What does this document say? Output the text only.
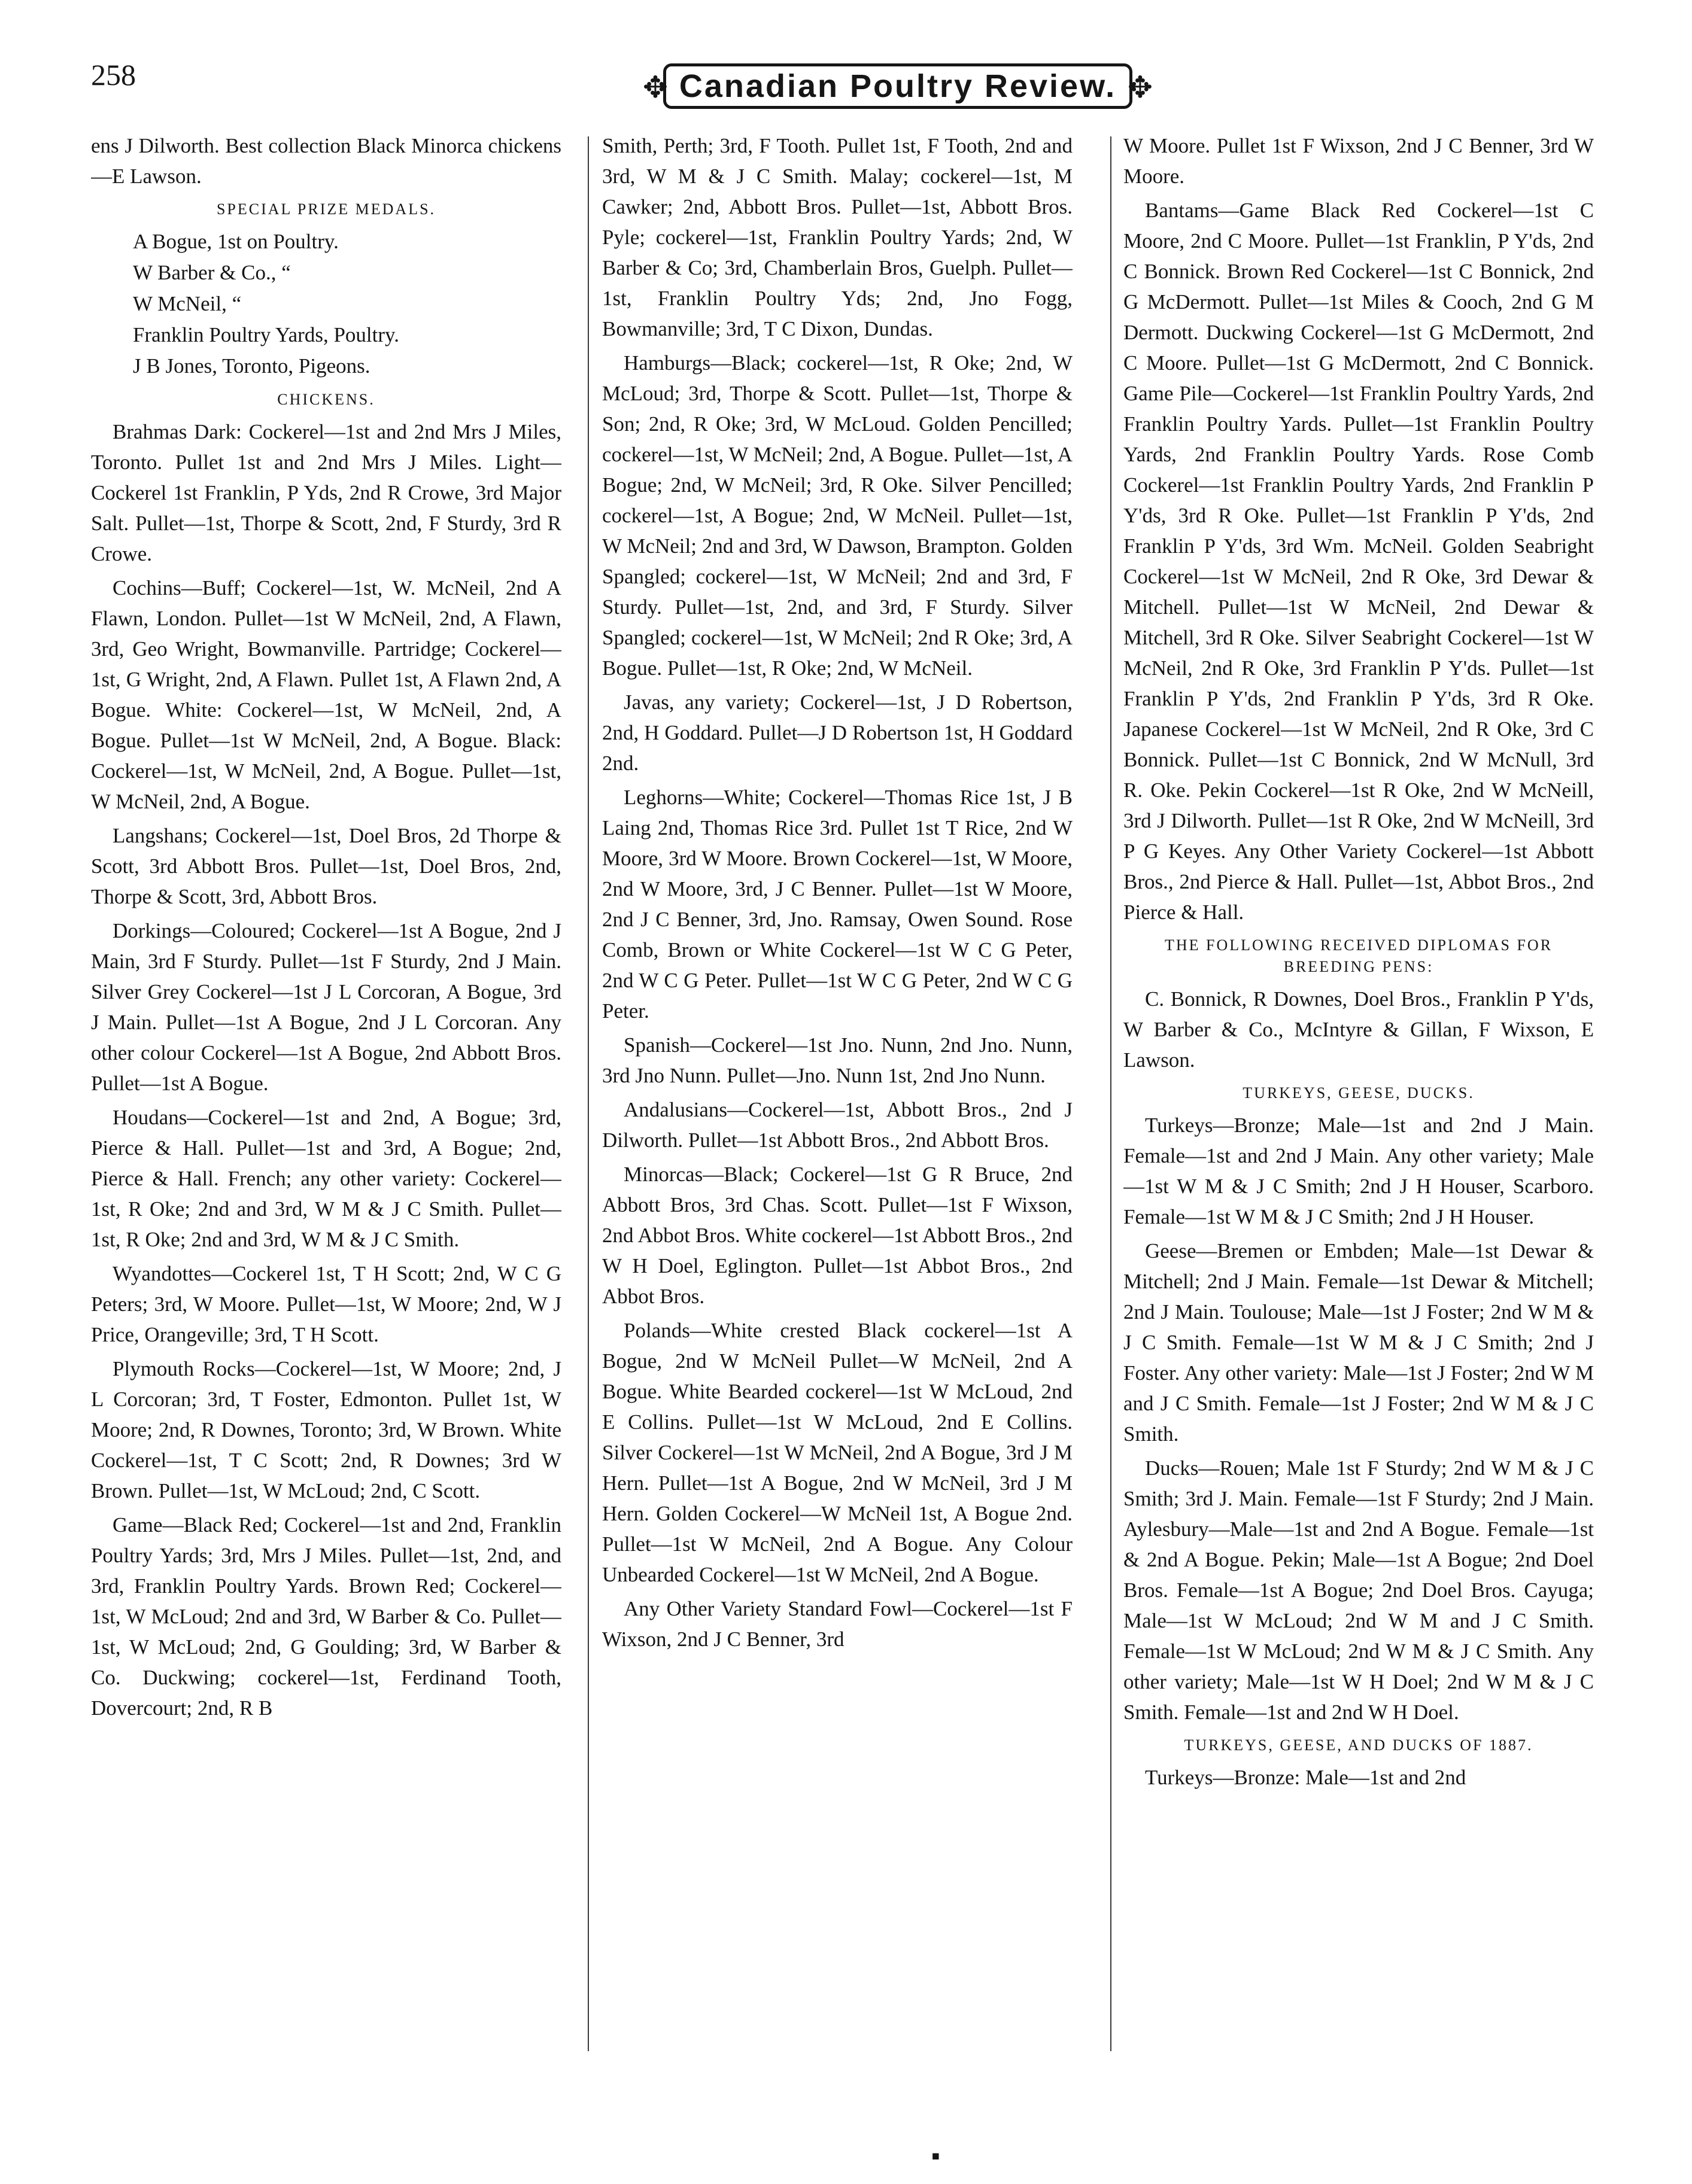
258	✥ Canadian Poultry Review. ✥
ens J Dilworth. Best collection Black Minorca chickens—E Lawson.
SPECIAL PRIZE MEDALS.
A Bogue, 1st on Poultry.
W Barber & Co., “
W McNeil, “
Franklin Poultry Yards, Poultry.
J B Jones, Toronto, Pigeons.
CHICKENS.
Brahmas Dark: Cockerel—1st and 2nd Mrs J Miles, Toronto. Pullet 1st and 2nd Mrs J Miles. Light—Cockerel 1st Franklin, P Yds, 2nd R Crowe, 3rd Major Salt. Pullet—1st, Thorpe & Scott, 2nd, F Sturdy, 3rd R Crowe.
Cochins—Buff; Cockerel—1st, W. McNeil, 2nd A Flawn, London. Pullet—1st W McNeil, 2nd, A Flawn, 3rd, Geo Wright, Bowmanville. Partridge; Cockerel—1st, G Wright, 2nd, A Flawn. Pullet 1st, A Flawn 2nd, A Bogue. White: Cockerel—1st, W McNeil, 2nd, A Bogue. Pullet—1st W McNeil, 2nd, A Bogue. Black: Cockerel—1st, W McNeil, 2nd, A Bogue. Pullet—1st, W McNeil, 2nd, A Bogue.
Langshans; Cockerel—1st, Doel Bros, 2d Thorpe & Scott, 3rd Abbott Bros. Pullet—1st, Doel Bros, 2nd, Thorpe & Scott, 3rd, Abbott Bros.
Dorkings—Coloured; Cockerel—1st A Bogue, 2nd J Main, 3rd F Sturdy. Pullet—1st F Sturdy, 2nd J Main. Silver Grey Cockerel—1st J L Corcoran, A Bogue, 3rd J Main. Pullet—1st A Bogue, 2nd J L Corcoran. Any other colour Cockerel—1st A Bogue, 2nd Abbott Bros. Pullet—1st A Bogue.
Houdans—Cockerel—1st and 2nd, A Bogue; 3rd, Pierce & Hall. Pullet—1st and 3rd, A Bogue; 2nd, Pierce & Hall. French; any other variety: Cockerel—1st, R Oke; 2nd and 3rd, W M & J C Smith. Pullet—1st, R Oke; 2nd and 3rd, W M & J C Smith.
Wyandottes—Cockerel 1st, T H Scott; 2nd, W C G Peters; 3rd, W Moore. Pullet—1st, W Moore; 2nd, W J Price, Orangeville; 3rd, T H Scott.
Plymouth Rocks—Cockerel—1st, W Moore; 2nd, J L Corcoran; 3rd, T Foster, Edmonton. Pullet 1st, W Moore; 2nd, R Downes, Toronto; 3rd, W Brown. White Cockerel—1st, T C Scott; 2nd, R Downes; 3rd W Brown. Pullet—1st, W McLoud; 2nd, C Scott.
Game—Black Red; Cockerel—1st and 2nd, Franklin Poultry Yards; 3rd, Mrs J Miles. Pullet—1st, 2nd, and 3rd, Franklin Poultry Yards. Brown Red; Cockerel—1st, W McLoud; 2nd and 3rd, W Barber & Co. Pullet—1st, W McLoud; 2nd, G Goulding; 3rd, W Barber & Co. Duckwing; cockerel—1st, Ferdinand Tooth, Dovercourt; 2nd, R B
Smith, Perth; 3rd, F Tooth. Pullet 1st, F Tooth, 2nd and 3rd, W M & J C Smith. Malay; cockerel—1st, M Cawker; 2nd, Abbott Bros. Pullet—1st, Abbott Bros. Pyle; cockerel—1st, Franklin Poultry Yards; 2nd, W Barber & Co; 3rd, Chamberlain Bros, Guelph. Pullet—1st, Franklin Poultry Yds; 2nd, Jno Fogg, Bowmanville; 3rd, T C Dixon, Dundas.
Hamburgs—Black; cockerel—1st, R Oke; 2nd, W McLoud; 3rd, Thorpe & Scott. Pullet—1st, Thorpe & Son; 2nd, R Oke; 3rd, W McLoud. Golden Pencilled; cockerel—1st, W McNeil; 2nd, A Bogue. Pullet—1st, A Bogue; 2nd, W McNeil; 3rd, R Oke. Silver Pencilled; cockerel—1st, A Bogue; 2nd, W McNeil. Pullet—1st, W McNeil; 2nd and 3rd, W Dawson, Brampton. Golden Spangled; cockerel—1st, W McNeil; 2nd and 3rd, F Sturdy. Pullet—1st, 2nd, and 3rd, F Sturdy. Silver Spangled; cockerel—1st, W McNeil; 2nd R Oke; 3rd, A Bogue. Pullet—1st, R Oke; 2nd, W McNeil.
Javas, any variety; Cockerel—1st, J D Robertson, 2nd, H Goddard. Pullet—J D Robertson 1st, H Goddard 2nd.
Leghorns—White; Cockerel—Thomas Rice 1st, J B Laing 2nd, Thomas Rice 3rd. Pullet 1st T Rice, 2nd W Moore, 3rd W Moore. Brown Cockerel—1st, W Moore, 2nd W Moore, 3rd, J C Benner. Pullet—1st W Moore, 2nd J C Benner, 3rd, Jno. Ramsay, Owen Sound. Rose Comb, Brown or White Cockerel—1st W C G Peter, 2nd W C G Peter. Pullet—1st W C G Peter, 2nd W C G Peter.
Spanish—Cockerel—1st Jno. Nunn, 2nd Jno. Nunn, 3rd Jno Nunn. Pullet—Jno. Nunn 1st, 2nd Jno Nunn.
Andalusians—Cockerel—1st, Abbott Bros., 2nd J Dilworth. Pullet—1st Abbott Bros., 2nd Abbott Bros.
Minorcas—Black; Cockerel—1st G R Bruce, 2nd Abbott Bros, 3rd Chas. Scott. Pullet—1st F Wixson, 2nd Abbot Bros. White cockerel—1st Abbott Bros., 2nd W H Doel, Eglington. Pullet—1st Abbot Bros., 2nd Abbot Bros.
Polands—White crested Black cockerel—1st A Bogue, 2nd W McNeil Pullet—W McNeil, 2nd A Bogue. White Bearded cockerel—1st W McLoud, 2nd E Collins. Pullet—1st W McLoud, 2nd E Collins. Silver Cockerel—1st W McNeil, 2nd A Bogue, 3rd J M Hern. Pullet—1st A Bogue, 2nd W McNeil, 3rd J M Hern. Golden Cockerel—W McNeil 1st, A Bogue 2nd. Pullet—1st W McNeil, 2nd A Bogue. Any Colour Unbearded Cockerel—1st W McNeil, 2nd A Bogue.
Any Other Variety Standard Fowl—Cockerel—1st F Wixson, 2nd J C Benner, 3rd
W Moore. Pullet 1st F Wixson, 2nd J C Benner, 3rd W Moore.
Bantams—Game Black Red Cockerel—1st C Moore, 2nd C Moore. Pullet—1st Franklin, P Y'ds, 2nd C Bonnick. Brown Red Cockerel—1st C Bonnick, 2nd G McDermott. Pullet—1st Miles & Cooch, 2nd G M Dermott. Duckwing Cockerel—1st G McDermott, 2nd C Moore. Pullet—1st G McDermott, 2nd C Bonnick. Game Pile—Cockerel—1st Franklin Poultry Yards, 2nd Franklin Poultry Yards. Pullet—1st Franklin Poultry Yards, 2nd Franklin Poultry Yards. Rose Comb Cockerel—1st Franklin Poultry Yards, 2nd Franklin P Y'ds, 3rd R Oke. Pullet—1st Franklin P Y'ds, 2nd Franklin P Y'ds, 3rd Wm. McNeil. Golden Seabright Cockerel—1st W McNeil, 2nd R Oke, 3rd Dewar & Mitchell. Pullet—1st W McNeil, 2nd Dewar & Mitchell, 3rd R Oke. Silver Seabright Cockerel—1st W McNeil, 2nd R Oke, 3rd Franklin P Y'ds. Pullet—1st Franklin P Y'ds, 2nd Franklin P Y'ds, 3rd R Oke. Japanese Cockerel—1st W McNeil, 2nd R Oke, 3rd C Bonnick. Pullet—1st C Bonnick, 2nd W McNull, 3rd R. Oke. Pekin Cockerel—1st R Oke, 2nd W McNeill, 3rd J Dilworth. Pullet—1st R Oke, 2nd W McNeill, 3rd P G Keyes. Any Other Variety Cockerel—1st Abbott Bros., 2nd Pierce & Hall. Pullet—1st, Abbot Bros., 2nd Pierce & Hall.
THE FOLLOWING RECEIVED DIPLOMAS FOR BREEDING PENS:
C. Bonnick, R Downes, Doel Bros., Franklin P Y'ds, W Barber & Co., McIntyre & Gillan, F Wixson, E Lawson.
TURKEYS, GEESE, DUCKS.
Turkeys—Bronze; Male—1st and 2nd J Main. Female—1st and 2nd J Main. Any other variety; Male—1st W M & J C Smith; 2nd J H Houser, Scarboro. Female—1st W M & J C Smith; 2nd J H Houser.
Geese—Bremen or Embden; Male—1st Dewar & Mitchell; 2nd J Main. Female—1st Dewar & Mitchell; 2nd J Main. Toulouse; Male—1st J Foster; 2nd W M & J C Smith. Female—1st W M & J C Smith; 2nd J Foster. Any other variety: Male—1st J Foster; 2nd W M and J C Smith. Female—1st J Foster; 2nd W M & J C Smith.
Ducks—Rouen; Male 1st F Sturdy; 2nd W M & J C Smith; 3rd J. Main. Female—1st F Sturdy; 2nd J Main. Aylesbury—Male—1st and 2nd A Bogue. Female—1st & 2nd A Bogue. Pekin; Male—1st A Bogue; 2nd Doel Bros. Female—1st A Bogue; 2nd Doel Bros. Cayuga; Male—1st W McLoud; 2nd W M and J C Smith. Female—1st W McLoud; 2nd W M & J C Smith. Any other variety; Male—1st W H Doel; 2nd W M & J C Smith. Female—1st and 2nd W H Doel.
TURKEYS, GEESE, AND DUCKS OF 1887.
Turkeys—Bronze: Male—1st and 2nd
▪
